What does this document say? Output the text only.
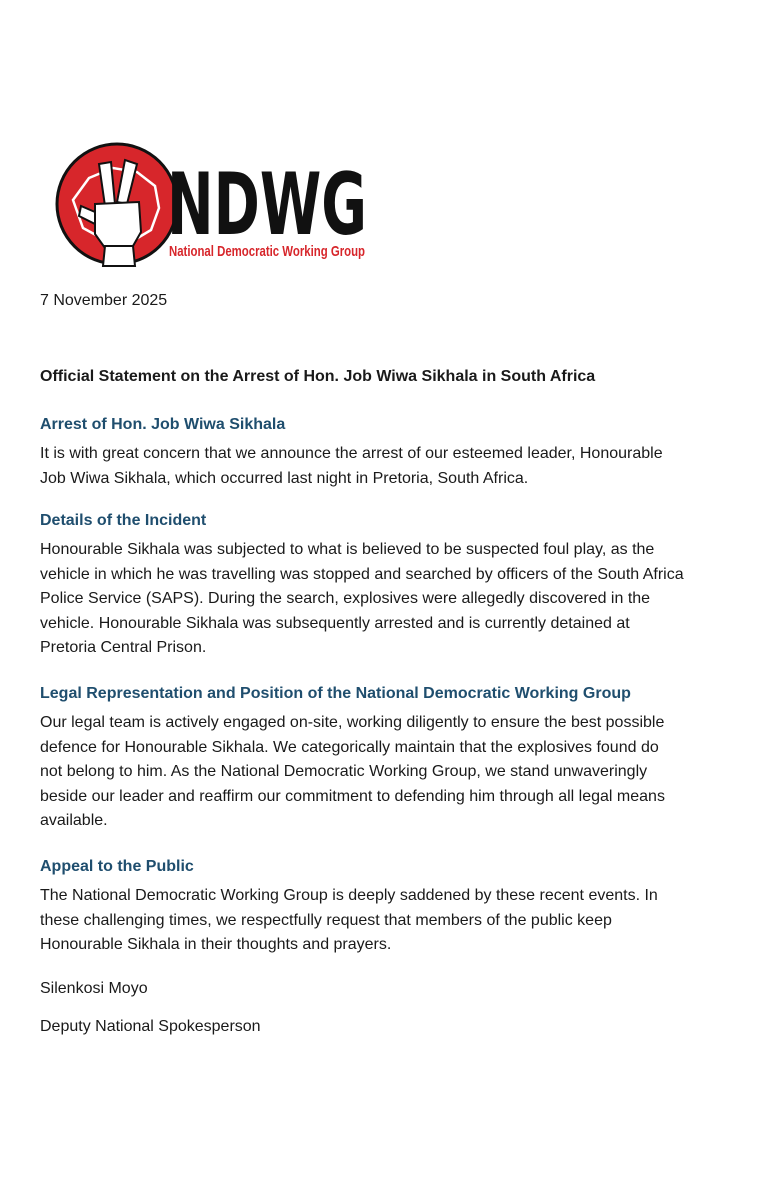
NDWG
National Democratic Working Group
7 November 2025
Official Statement on the Arrest of Hon. Job Wiwa Sikhala in South Africa
Arrest of Hon. Job Wiwa Sikhala

It is with great concern that we announce the arrest of our esteemed leader, Honourable
Job Wiwa Sikhala, which occurred last night in Pretoria, South Africa.

Details of the Incident

Honourable Sikhala was subjected to what is believed to be suspected foul play, as the
vehicle in which he was travelling was stopped and searched by officers of the South Africa
Police Service (SAPS). During the search, explosives were allegedly discovered in the
vehicle. Honourable Sikhala was subsequently arrested and is currently detained at
Pretoria Central Prison.

Legal Representation and Position of the National Democratic Working Group

Our legal team is actively engaged on-site, working diligently to ensure the best possible
defence for Honourable Sikhala. We categorically maintain that the explosives found do
not belong to him. As the National Democratic Working Group, we stand unwaveringly
beside our leader and reaffirm our commitment to defending him through all legal means
available.

Appeal to the Public

The National Democratic Working Group is deeply saddened by these recent events. In
these challenging times, we respectfully request that members of the public keep
Honourable Sikhala in their thoughts and prayers.

Silenkosi Moyo
Deputy National Spokesperson
